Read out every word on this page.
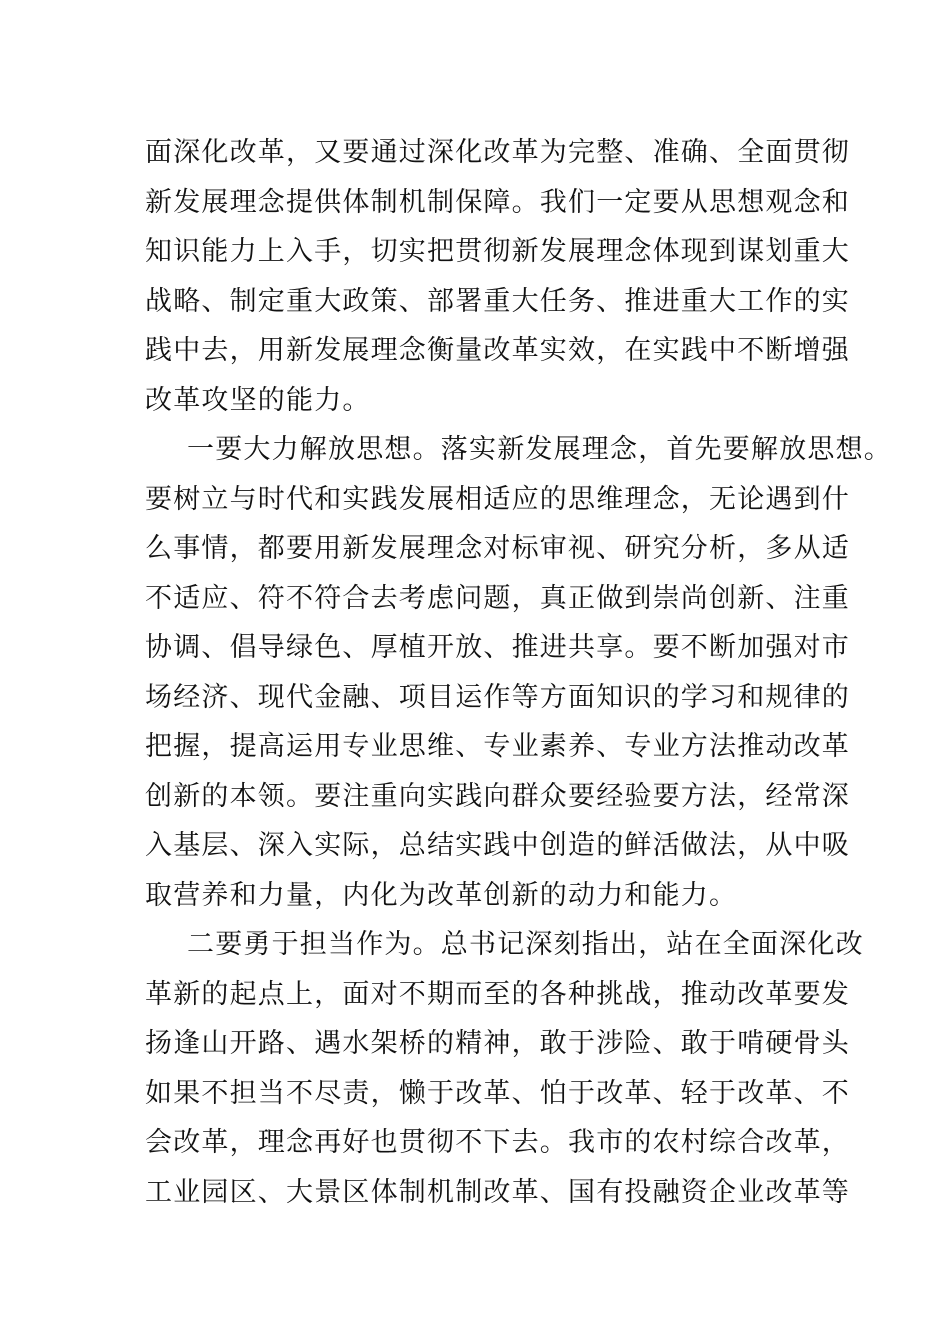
面深化改革，又要通过深化改革为完整、准确、全面贯彻
新发展理念提供体制机制保障。我们一定要从思想观念和
知识能力上入手，切实把贯彻新发展理念体现到谋划重大
战略、制定重大政策、部署重大任务、推进重大工作的实
践中去，用新发展理念衡量改革实效，在实践中不断增强
改革攻坚的能力。
一要大力解放思想。落实新发展理念，首先要解放思想。
要树立与时代和实践发展相适应的思维理念，无论遇到什
么事情，都要用新发展理念对标审视、研究分析，多从适
不适应、符不符合去考虑问题，真正做到崇尚创新、注重
协调、倡导绿色、厚植开放、推进共享。要不断加强对市
场经济、现代金融、项目运作等方面知识的学习和规律的
把握，提高运用专业思维、专业素养、专业方法推动改革
创新的本领。要注重向实践向群众要经验要方法，经常深
入基层、深入实际，总结实践中创造的鲜活做法，从中吸
取营养和力量，内化为改革创新的动力和能力。
二要勇于担当作为。总书记深刻指出，站在全面深化改
革新的起点上，面对不期而至的各种挑战，推动改革要发
扬逢山开路、遇水架桥的精神，敢于涉险、敢于啃硬骨头
如果不担当不尽责，懒于改革、怕于改革、轻于改革、不
会改革，理念再好也贯彻不下去。我市的农村综合改革，
工业园区、大景区体制机制改革、国有投融资企业改革等
